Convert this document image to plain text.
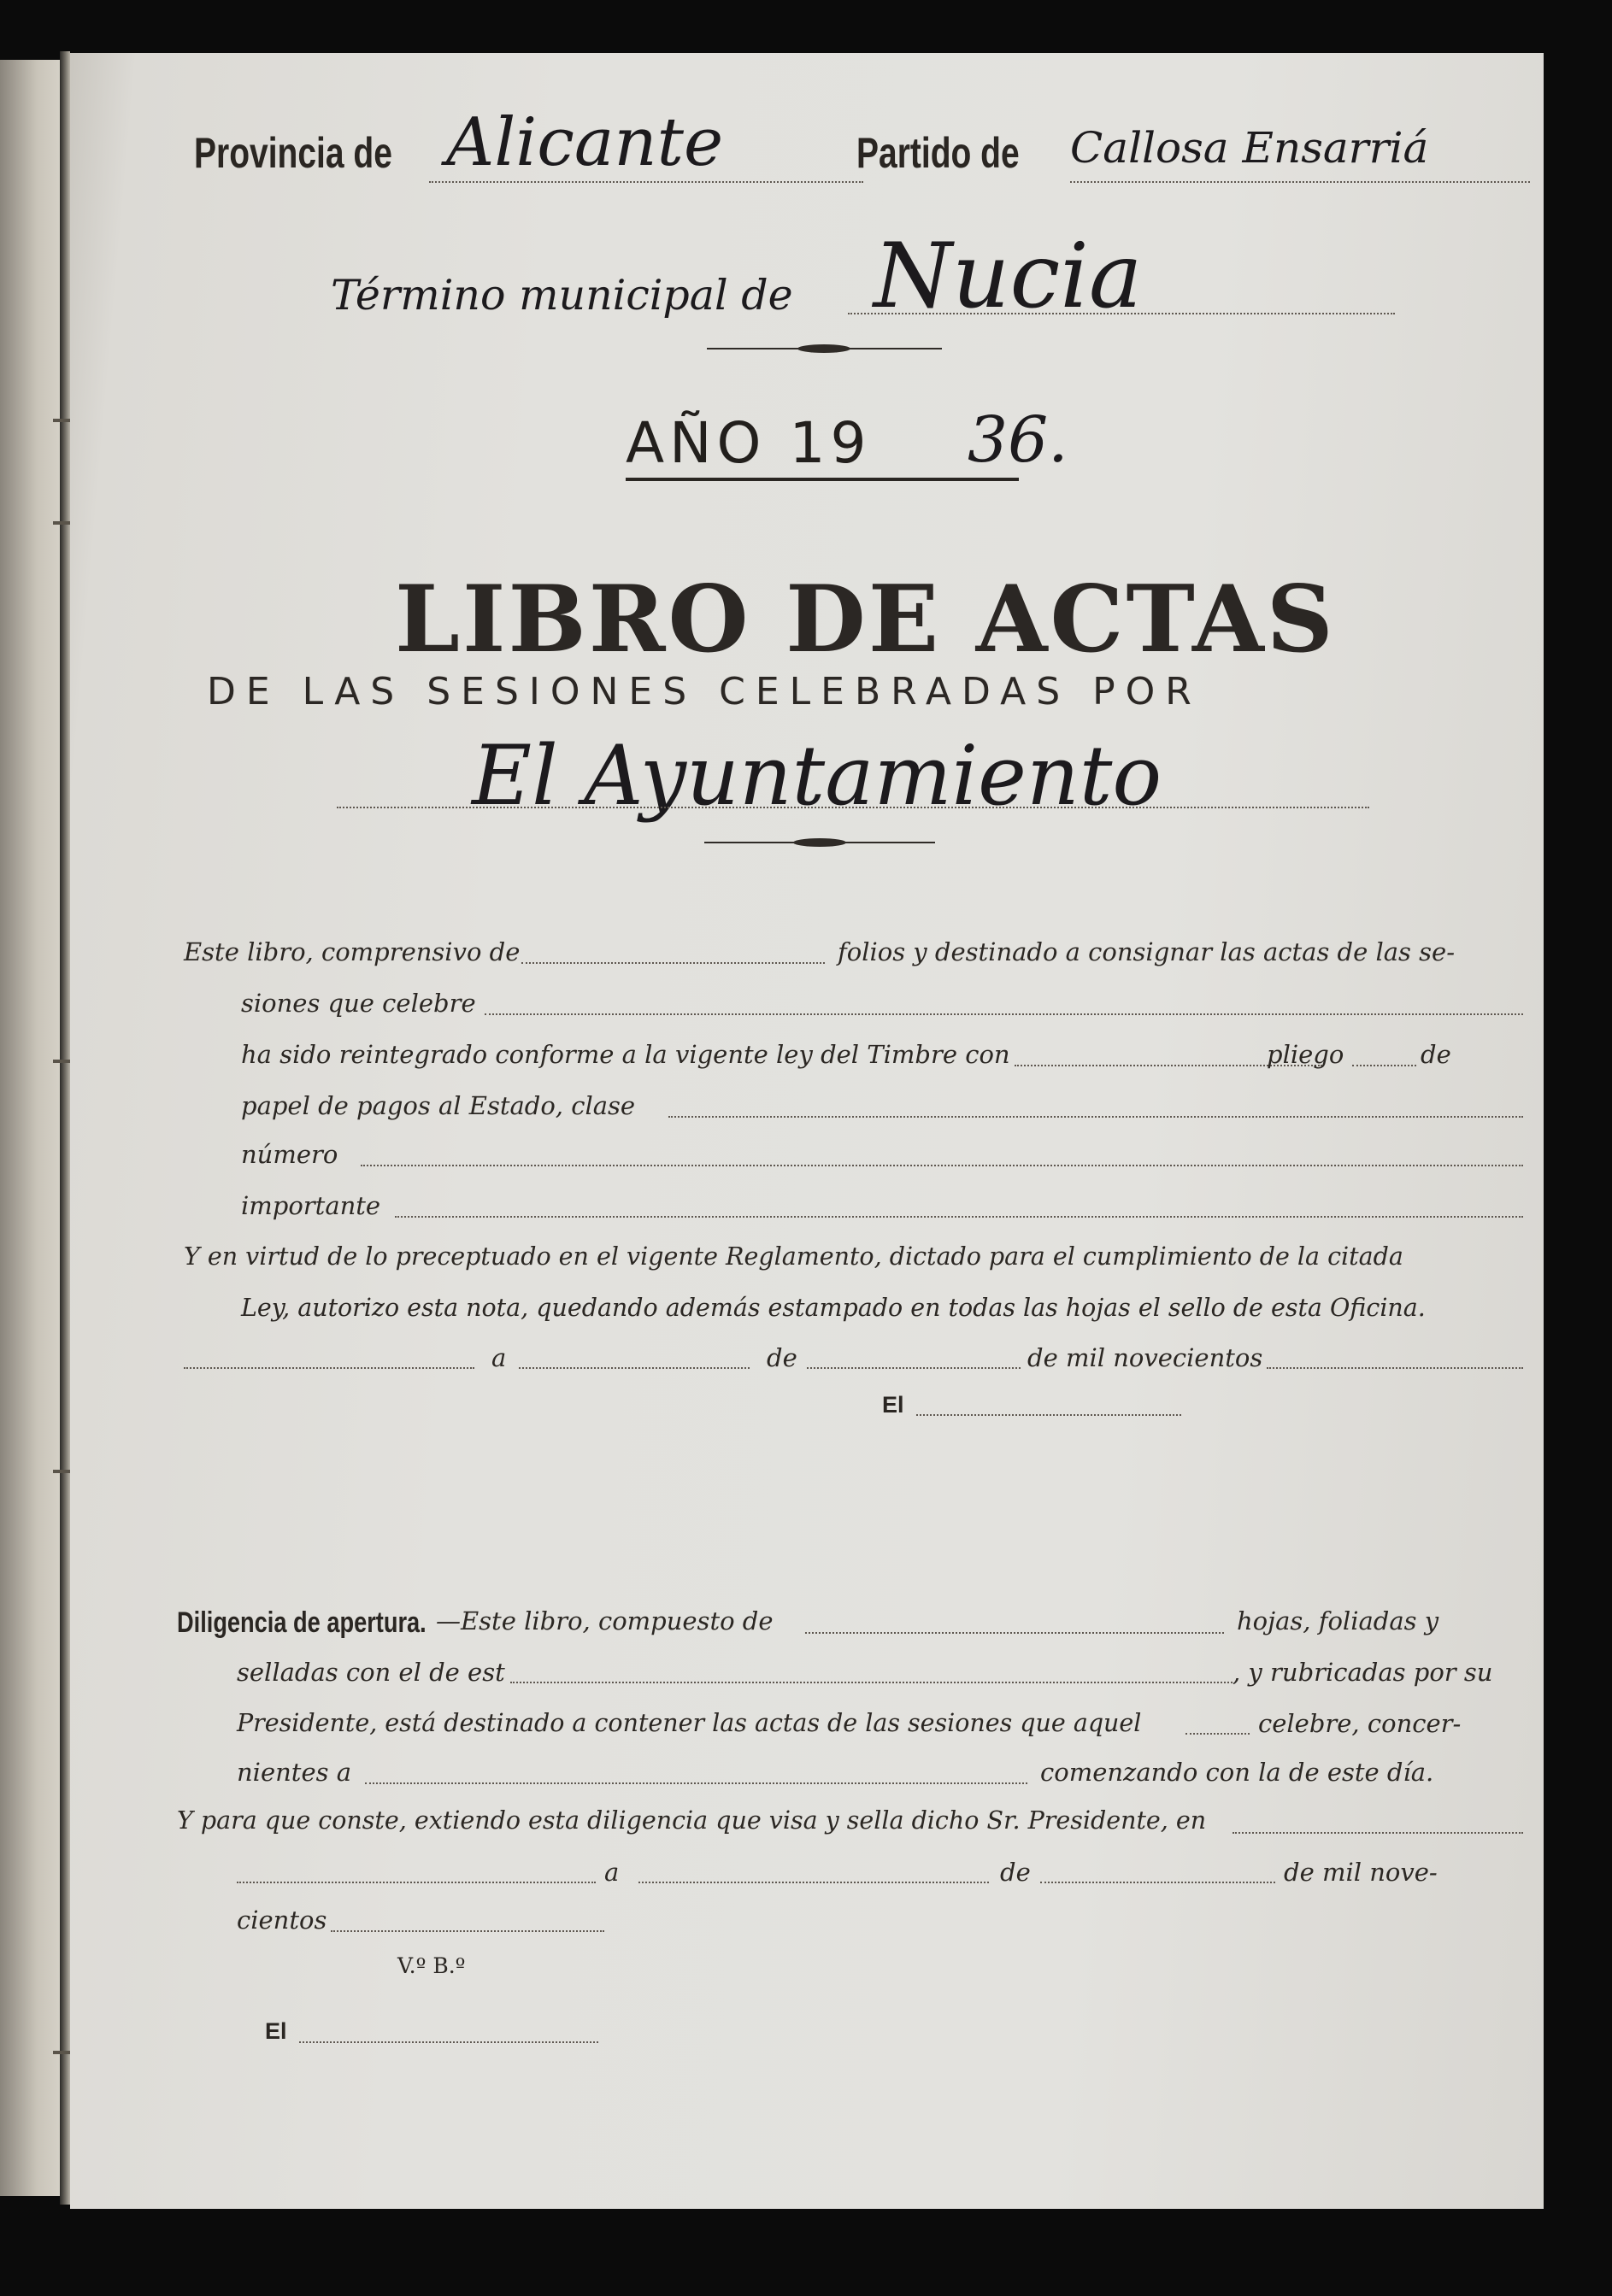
Provincia de Alicante	Partido de Callosa Ensarriá
Término municipal de Nucia
AÑO 19 36.
LIBRO DE ACTAS
DE LAS SESIONES CELEBRADAS POR
El Ayuntamiento
Este libro, comprensivo de	folios y destinado a consignar las actas de las se-
siones que celebre
ha sido reintegrado conforme a la vigente ley del Timbre con	pliego	de
papel de pagos al Estado, clase
número
importante
Y en virtud de lo preceptuado en el vigente Reglamento, dictado para el cumplimiento de la citada
Ley, autorizo esta nota, quedando además estampado en todas las hojas el sello de esta Oficina.
a	de	de mil novecientos
El
Diligencia de apertura. —Este libro, compuesto de	hojas, foliadas y
selladas con el de est	, y rubricadas por su
Presidente, está destinado a contener las actas de las sesiones que aquel	celebre, concer-
nientes a	comenzando con la de este día.
Y para que conste, extiendo esta diligencia que visa y sella dicho Sr. Presidente, en
a	de	de mil nove-
cientos
V.º B.º
El
